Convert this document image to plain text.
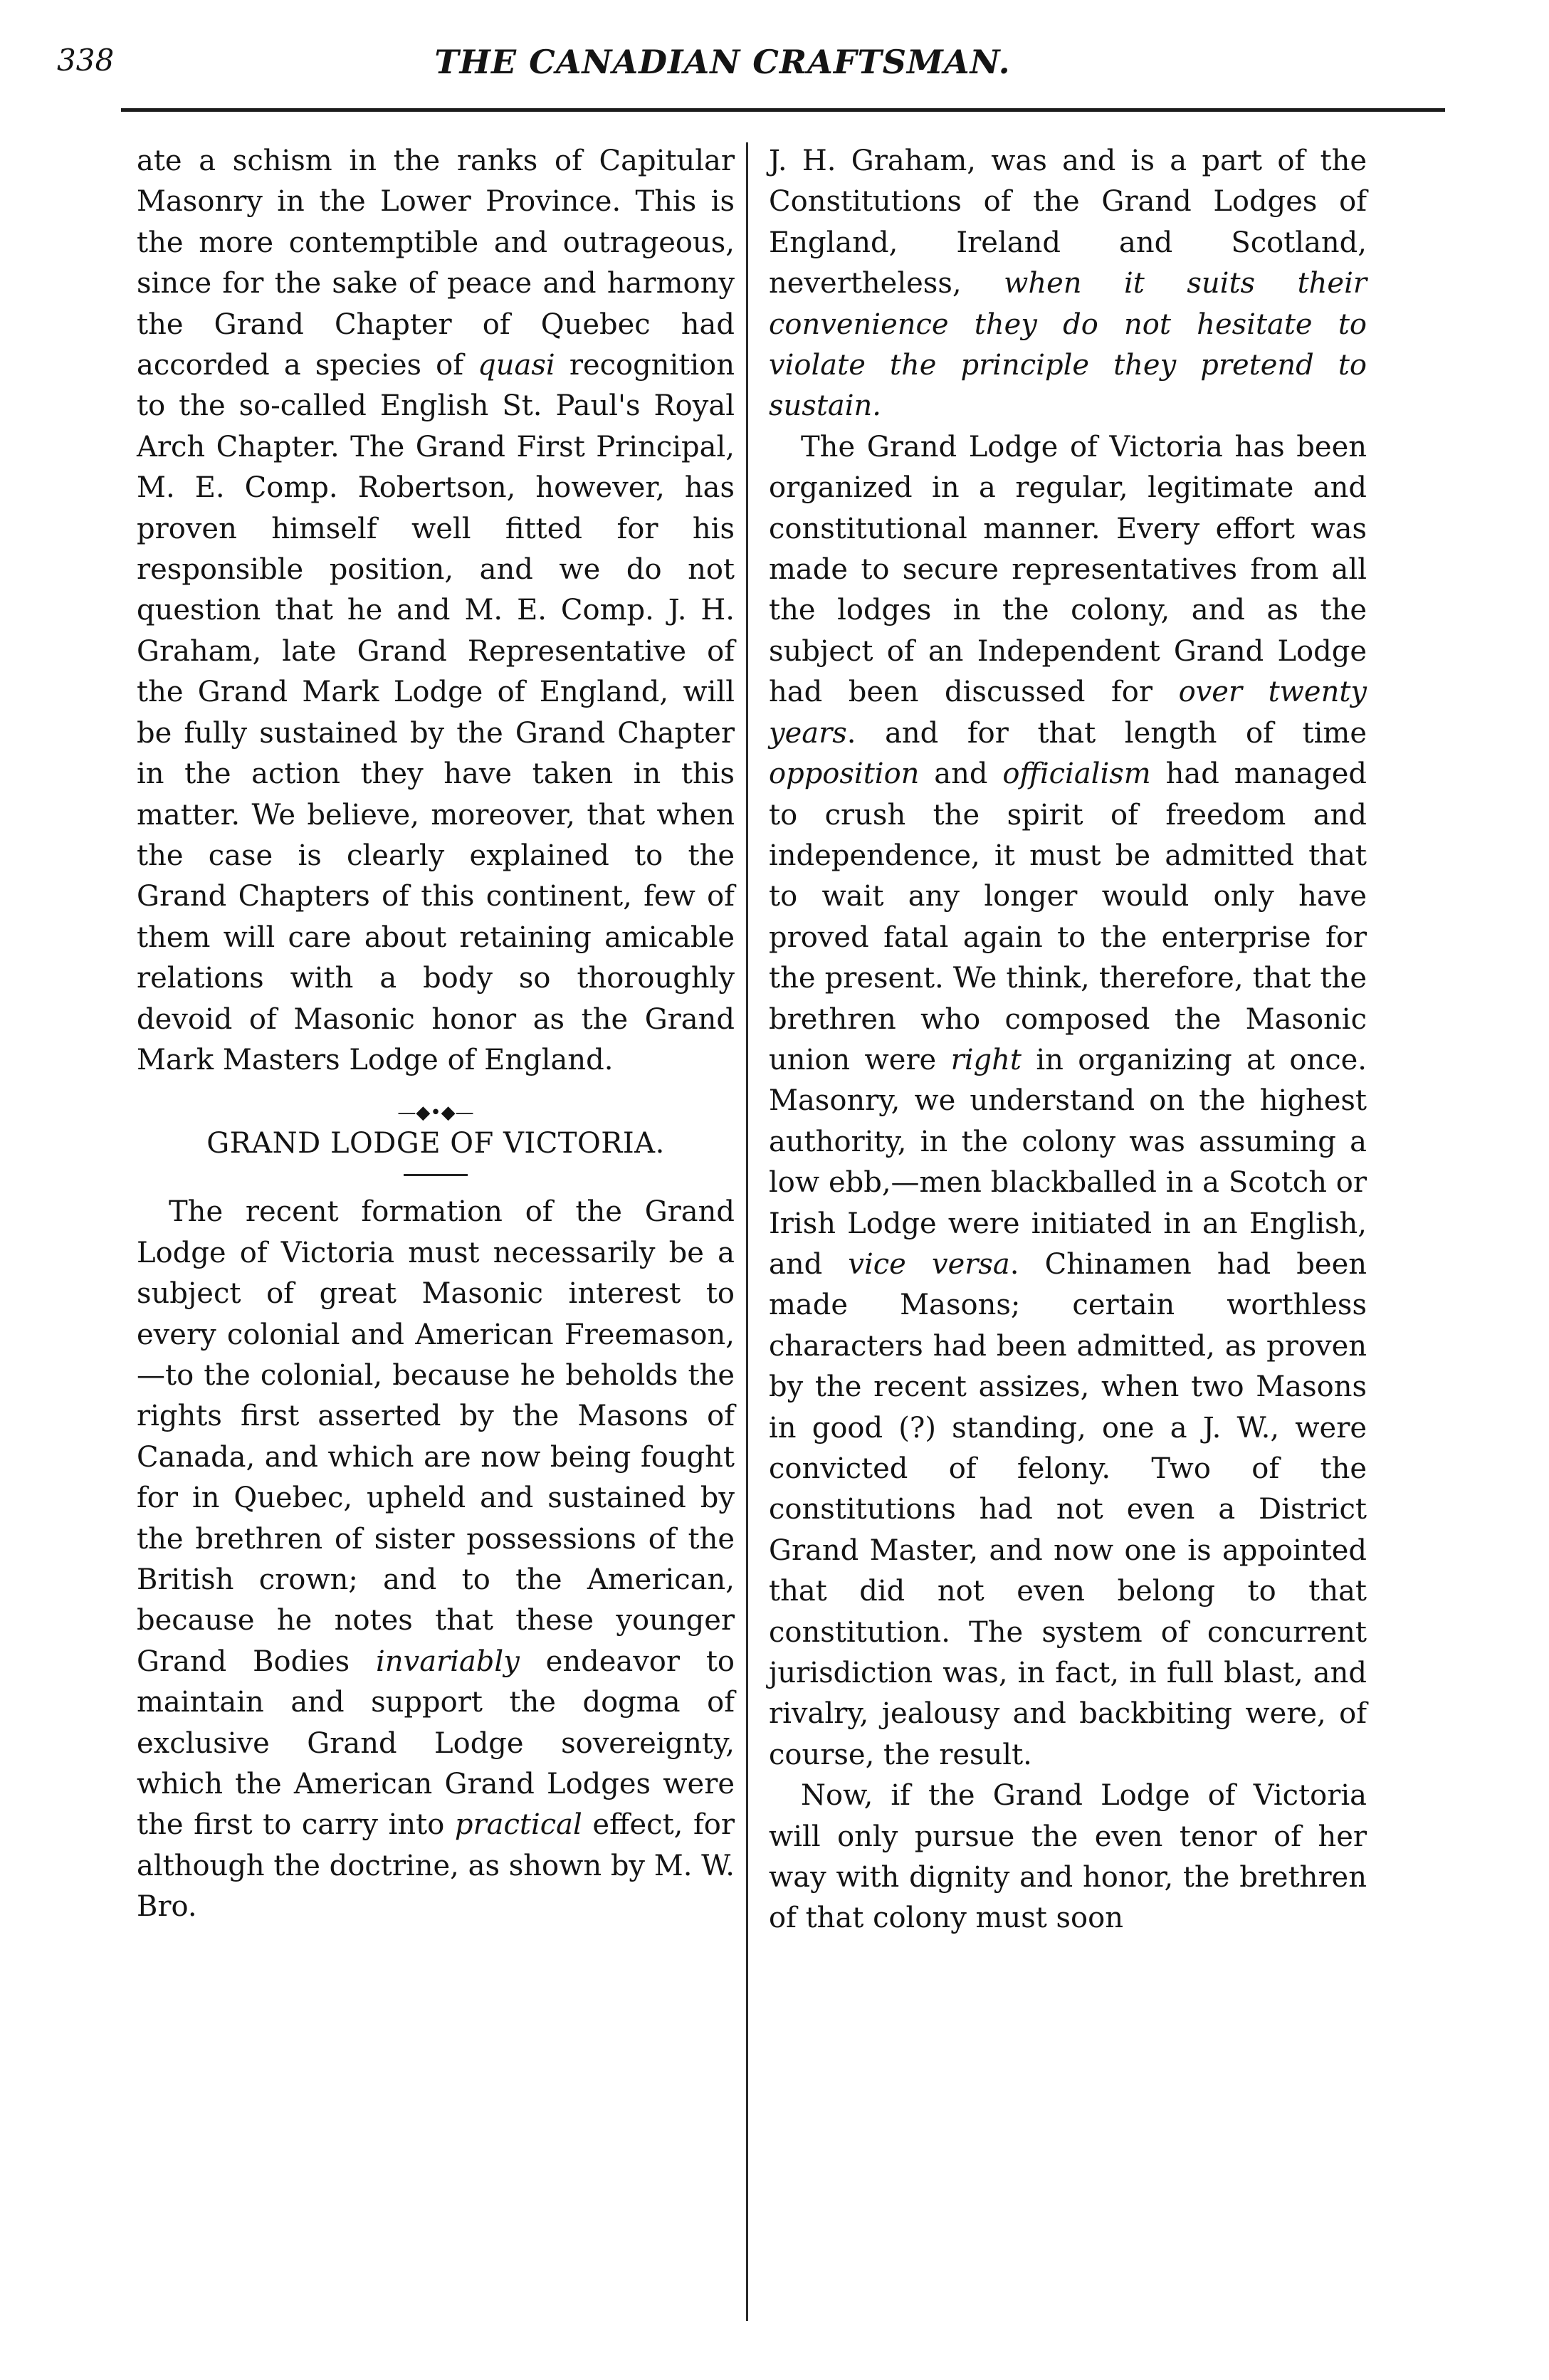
338	THE CANADIAN CRAFTSMAN.

ate a schism in the ranks of Capitular Masonry in the Lower Province. This is the more contemptible and outrageous, since for the sake of peace and harmony the Grand Chapter of Quebec had accorded a species of quasi recognition to the so-called English St. Paul's Royal Arch Chapter. The Grand First Principal, M. E. Comp. Robertson, however, has proven himself well fitted for his responsible position, and we do not question that he and M. E. Comp. J. H. Graham, late Grand Representative of the Grand Mark Lodge of England, will be fully sustained by the Grand Chapter in the action they have taken in this matter. We believe, moreover, that when the case is clearly explained to the Grand Chapters of this continent, few of them will care about retaining amicable relations with a body so thoroughly devoid of Masonic honor as the Grand Mark Masters Lodge of England.

—◆•◆—
GRAND LODGE OF VICTORIA.

The recent formation of the Grand Lodge of Victoria must necessarily be a subject of great Masonic interest to every colonial and American Freemason,—to the colonial, because he beholds the rights first asserted by the Masons of Canada, and which are now being fought for in Quebec, upheld and sustained by the brethren of sister possessions of the British crown; and to the American, because he notes that these younger Grand Bodies invariably endeavor to maintain and support the dogma of exclusive Grand Lodge sovereignty, which the American Grand Lodges were the first to carry into practical effect, for although the doctrine, as shown by M. W. Bro.

J. H. Graham, was and is a part of the Constitutions of the Grand Lodges of England, Ireland and Scotland, nevertheless, when it suits their convenience they do not hesitate to violate the principle they pretend to sustain.

The Grand Lodge of Victoria has been organized in a regular, legitimate and constitutional manner. Every effort was made to secure representatives from all the lodges in the colony, and as the subject of an Independent Grand Lodge had been discussed for over twenty years. and for that length of time opposition and officialism had managed to crush the spirit of freedom and independence, it must be admitted that to wait any longer would only have proved fatal again to the enterprise for the present. We think, therefore, that the brethren who composed the Masonic union were right in organizing at once. Masonry, we understand on the highest authority, in the colony was assuming a low ebb,—men blackballed in a Scotch or Irish Lodge were initiated in an English, and vice versa. Chinamen had been made Masons; certain worthless characters had been admitted, as proven by the recent assizes, when two Masons in good (?) standing, one a J. W., were convicted of felony. Two of the constitutions had not even a District Grand Master, and now one is appointed that did not even belong to that constitution. The system of concurrent jurisdiction was, in fact, in full blast, and rivalry, jealousy and backbiting were, of course, the result.

Now, if the Grand Lodge of Victoria will only pursue the even tenor of her way with dignity and honor, the brethren of that colony must soon
